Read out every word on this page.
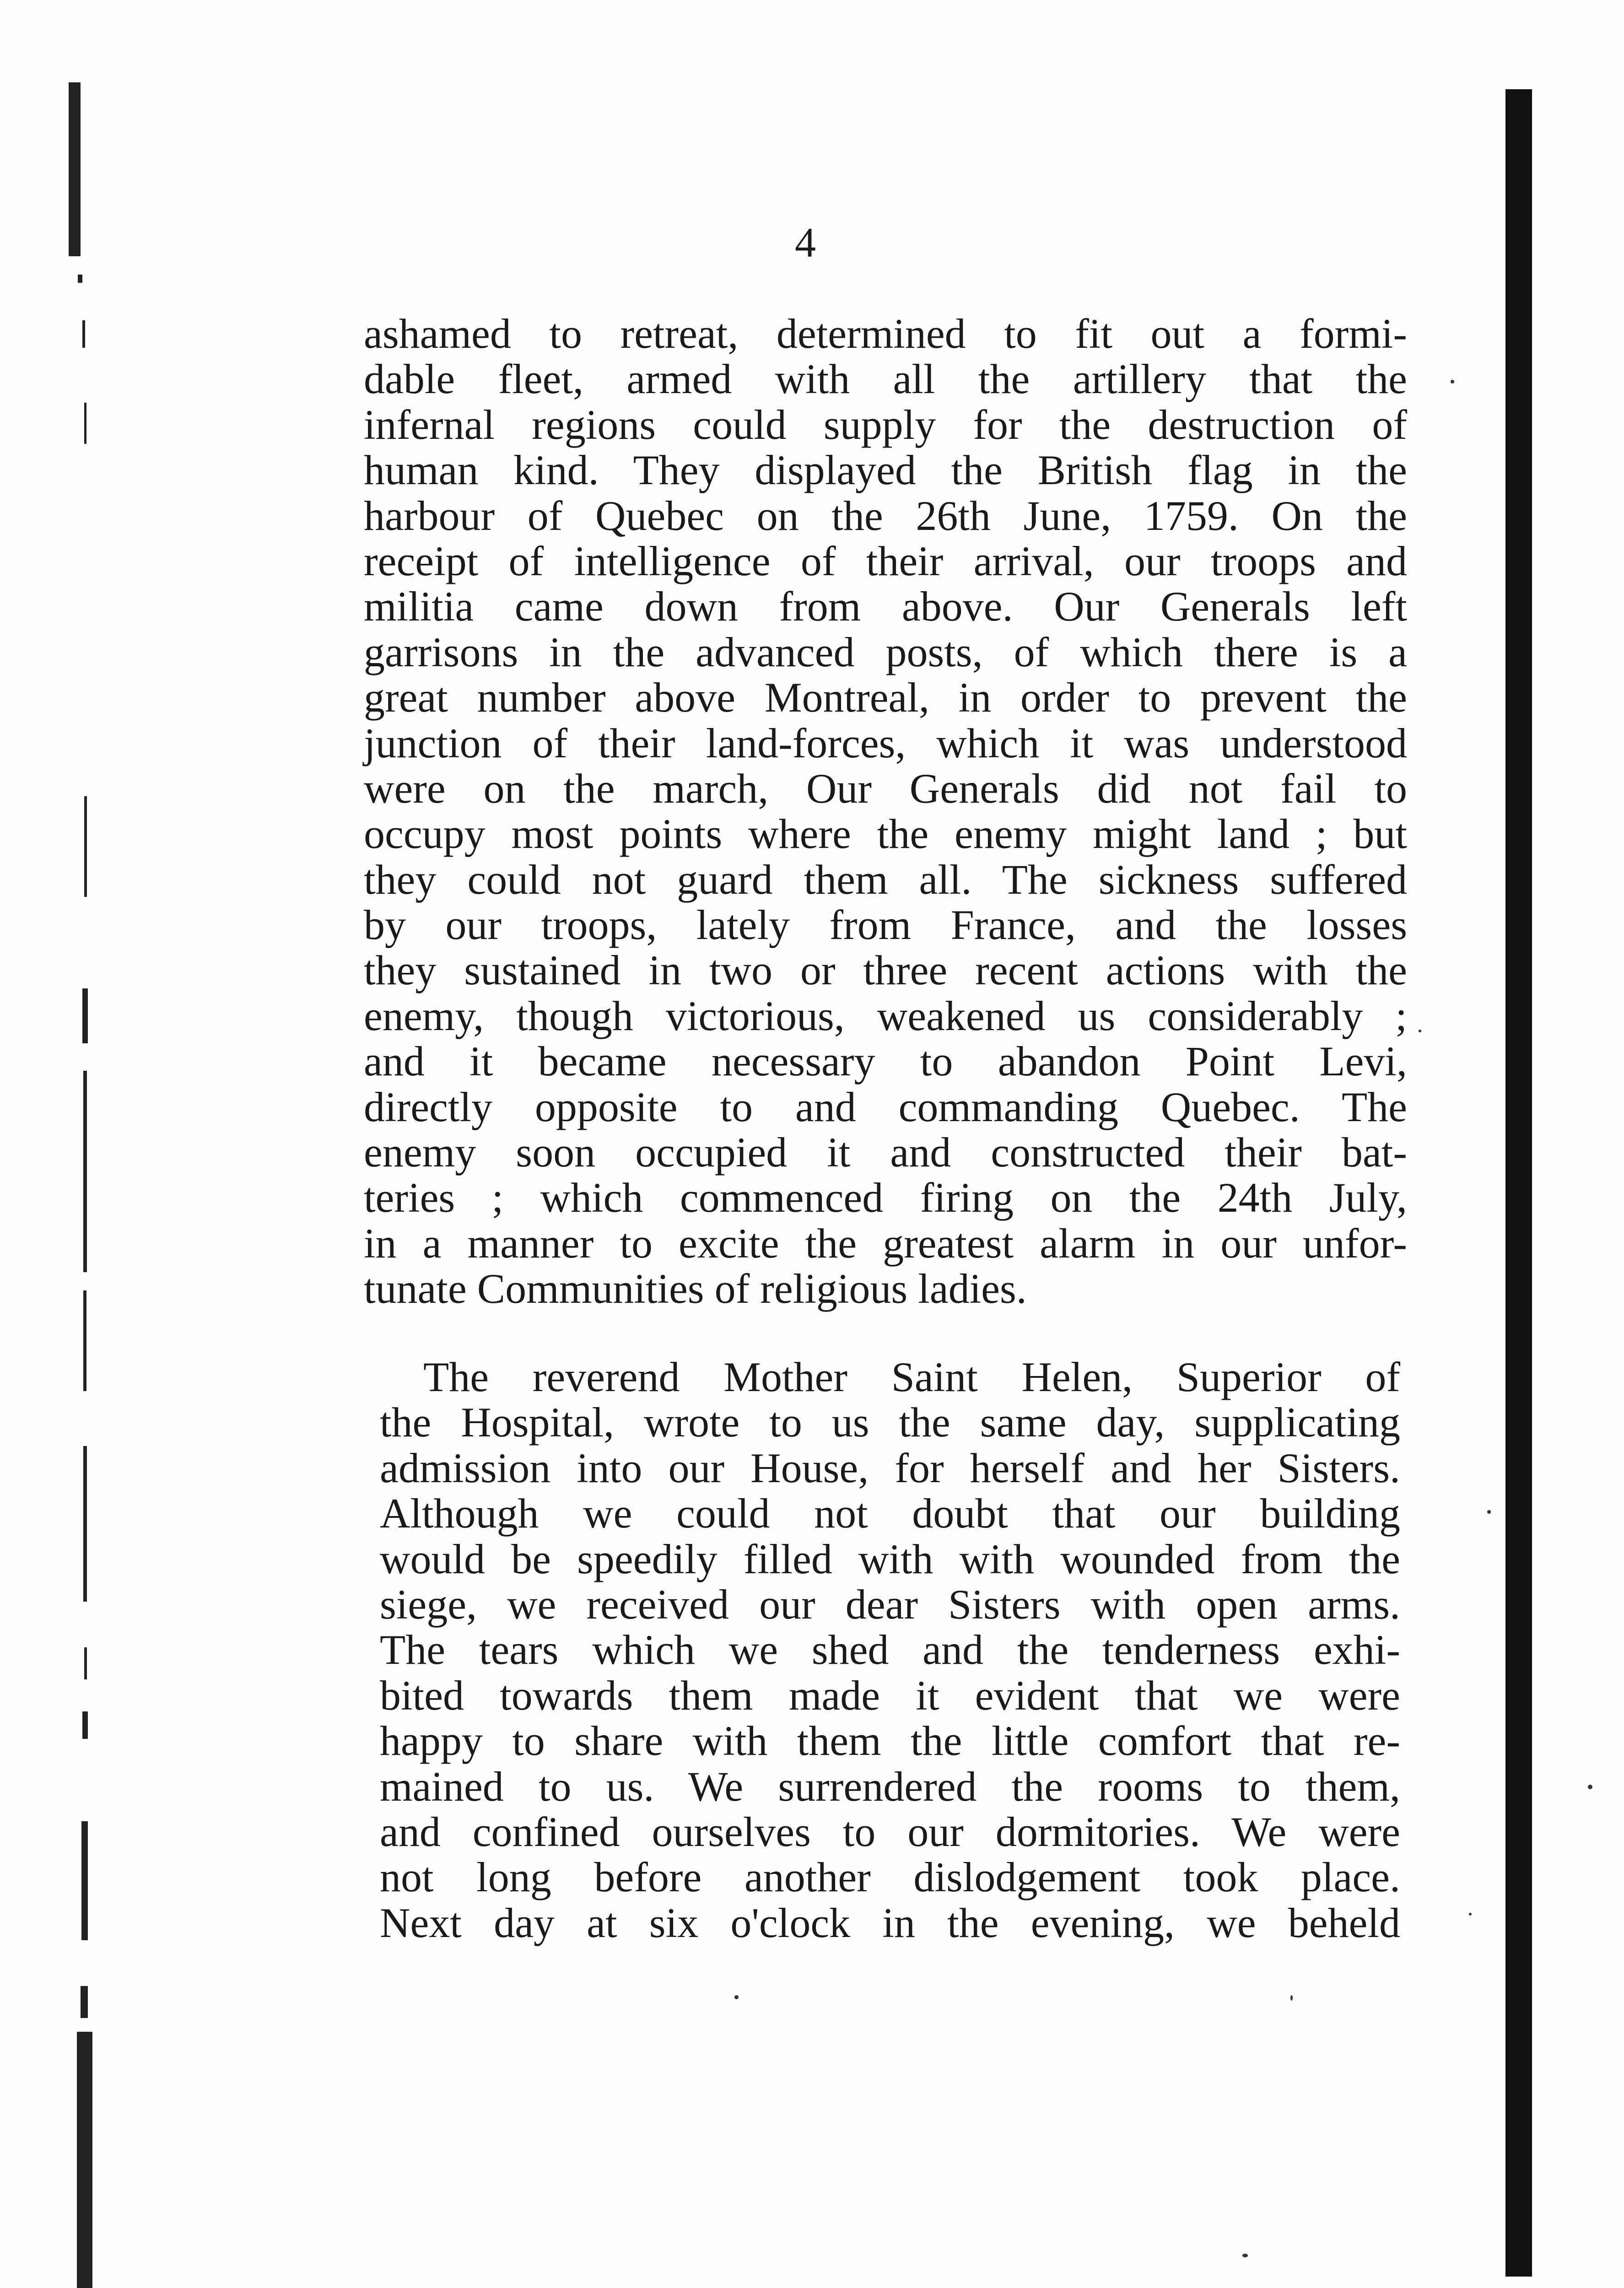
4
ashamed to retreat, determined to fit out a formi-
dable fleet, armed with all the artillery that the
infernal regions could supply for the destruction of
human kind. They displayed the British flag in the
harbour of Quebec on the 26th June, 1759. On the
receipt of intelligence of their arrival, our troops and
militia came down from above. Our Generals left
garrisons in the advanced posts, of which there is a
great number above Montreal, in order to prevent the
junction of their land-forces, which it was understood
were on the march, Our Generals did not fail to
occupy most points where the enemy might land ; but
they could not guard them all. The sickness suffered
by our troops, lately from France, and the losses
they sustained in two or three recent actions with the
enemy, though victorious, weakened us considerably ;
and it became necessary to abandon Point Levi,
directly opposite to and commanding Quebec. The
enemy soon occupied it and constructed their bat-
teries ; which commenced firing on the 24th July,
in a manner to excite the greatest alarm in our unfor-
tunate Communities of religious ladies.
The reverend Mother Saint Helen, Superior of
the Hospital, wrote to us the same day, supplicating
admission into our House, for herself and her Sisters.
Although we could not doubt that our building
would be speedily filled with with wounded from the
siege, we received our dear Sisters with open arms.
The tears which we shed and the tenderness exhi-
bited towards them made it evident that we were
happy to share with them the little comfort that re-
mained to us. We surrendered the rooms to them,
and confined ourselves to our dormitories. We were
not long before another dislodgement took place.
Next day at six o'clock in the evening, we beheld
